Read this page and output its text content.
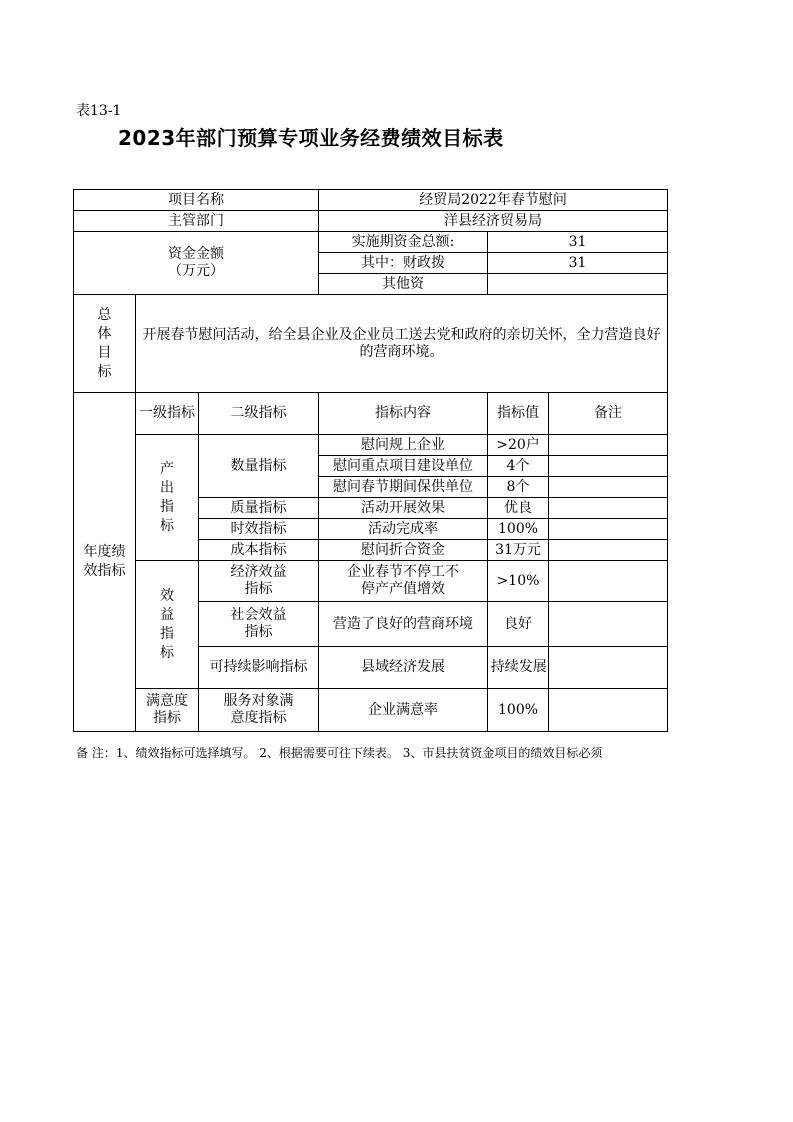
表13-1
2023年部门预算专项业务经费绩效目标表
项目名称			经贸局2022年春节慰问		
主管部门			洋县经济贸易局		

资金金额
（万元）			实施期资金总额:	31	
			其中：财政拨	31	
			其他资		
总体目标	开展春节慰问活动，给全县企业及企业员工送去党和政府的亲切关怀，全力营造良好的营商环境。				
年度绩效指标	一级指标	二级指标	指标内容	指标值	备注
	产出指标	数量指标	慰问规上企业	>20户	
			慰问重点项目建设单位	4个	
			慰问春节期间保供单位	8个	
		质量指标	活动开展效果	优良	
		时效指标	活动完成率	100%	
		成本指标	慰问折合资金	31万元	
	效益指标	经济效益指标	企业春节不停工不停产产值增效	>10%	
		社会效益指标	营造了良好的营商环境	良好	
		可持续影响指标	县域经济发展	持续发展	
	满意度指标	服务对象满意度指标	企业满意率	100%	
备 注：1、绩效指标可选择填写。 2、根据需要可往下续表。 3、市县扶贫资金项目的绩效目标必须
